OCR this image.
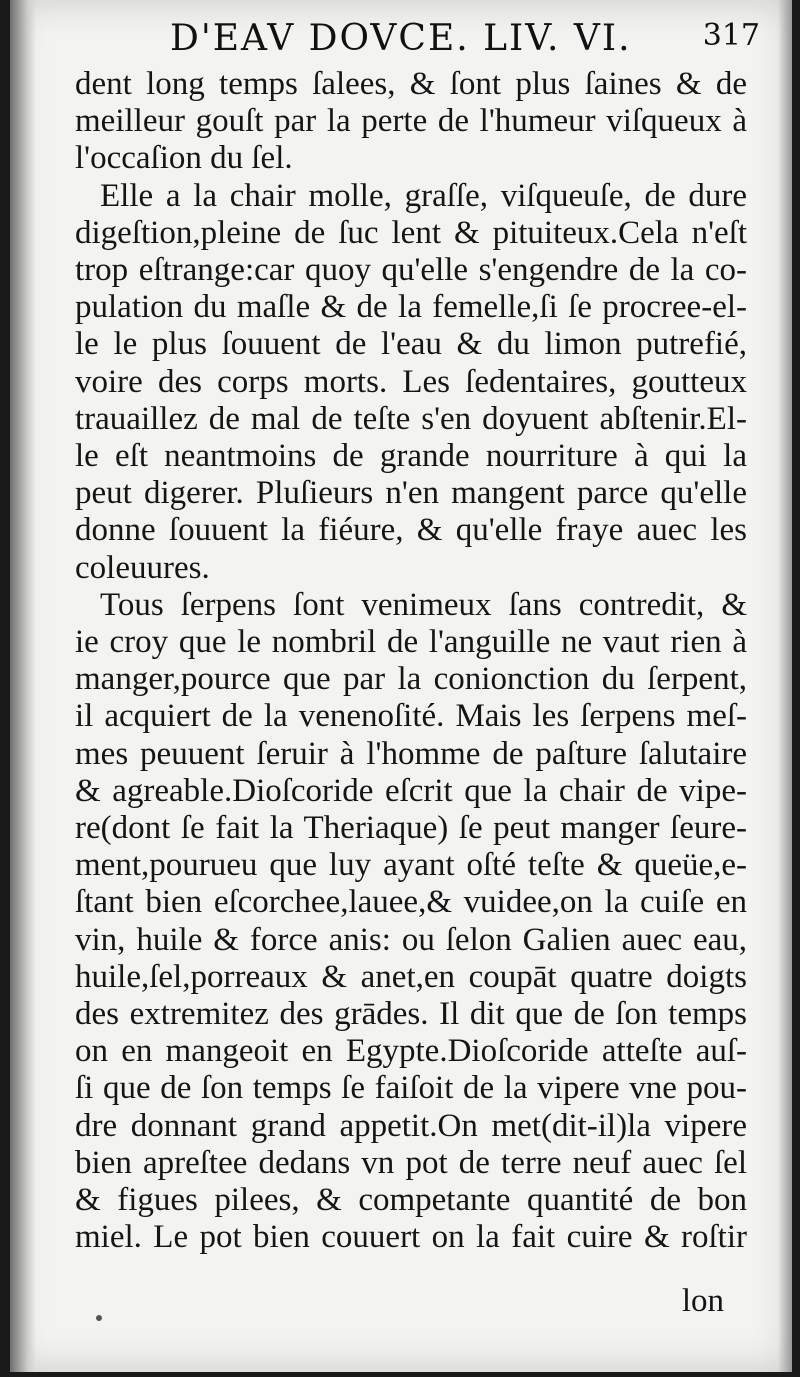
D'EAV DOVCE. LIV. VI. 317

dent long temps ſalees, & ſont plus ſaines & de
meilleur gouſt par la perte de l'humeur viſqueux à
l'occaſion du ſel.

Elle a la chair molle, graſſe, viſqueuſe, de dure
digeſtion,pleine de ſuc lent & pituiteux.Cela n'eſt
trop eſtrange:car quoy qu'elle s'engendre de la co-
pulation du maſle & de la femelle,ſi ſe procree-el-
le le plus ſouuent de l'eau & du limon putrefié,
voire des corps morts. Les ſedentaires, goutteux
trauaillez de mal de teſte s'en doyuent abſtenir.El-
le eſt neantmoins de grande nourriture à qui la
peut digerer. Pluſieurs n'en mangent parce qu'elle
donne ſouuent la fiéure, & qu'elle fraye auec les
coleuures.

Tous ſerpens ſont venimeux ſans contredit, &
ie croy que le nombril de l'anguille ne vaut rien à
manger,pource que par la conionction du ſerpent,
il acquiert de la venenoſité. Mais les ſerpens meſ-
mes peuuent ſeruir à l'homme de paſture ſalutaire
& agreable.Dioſcoride eſcrit que la chair de vipe-
re(dont ſe fait la Theriaque) ſe peut manger ſeure-
ment,pourueu que luy ayant oſté teſte & queüe,e-
ſtant bien eſcorchee,lauee,& vuidee,on la cuiſe en
vin, huile & force anis: ou ſelon Galien auec eau,
huile,ſel,porreaux & anet,en coupāt quatre doigts
des extremitez des grādes. Il dit que de ſon temps
on en mangeoit en Egypte.Dioſcoride atteſte auſ-
ſi que de ſon temps ſe faiſoit de la vipere vne pou-
dre donnant grand appetit.On met(dit-il)la vipere
bien apreſtee dedans vn pot de terre neuf auec ſel
& figues pilees, & competante quantité de bon
miel. Le pot bien couuert on la fait cuire & roſtir

lon
